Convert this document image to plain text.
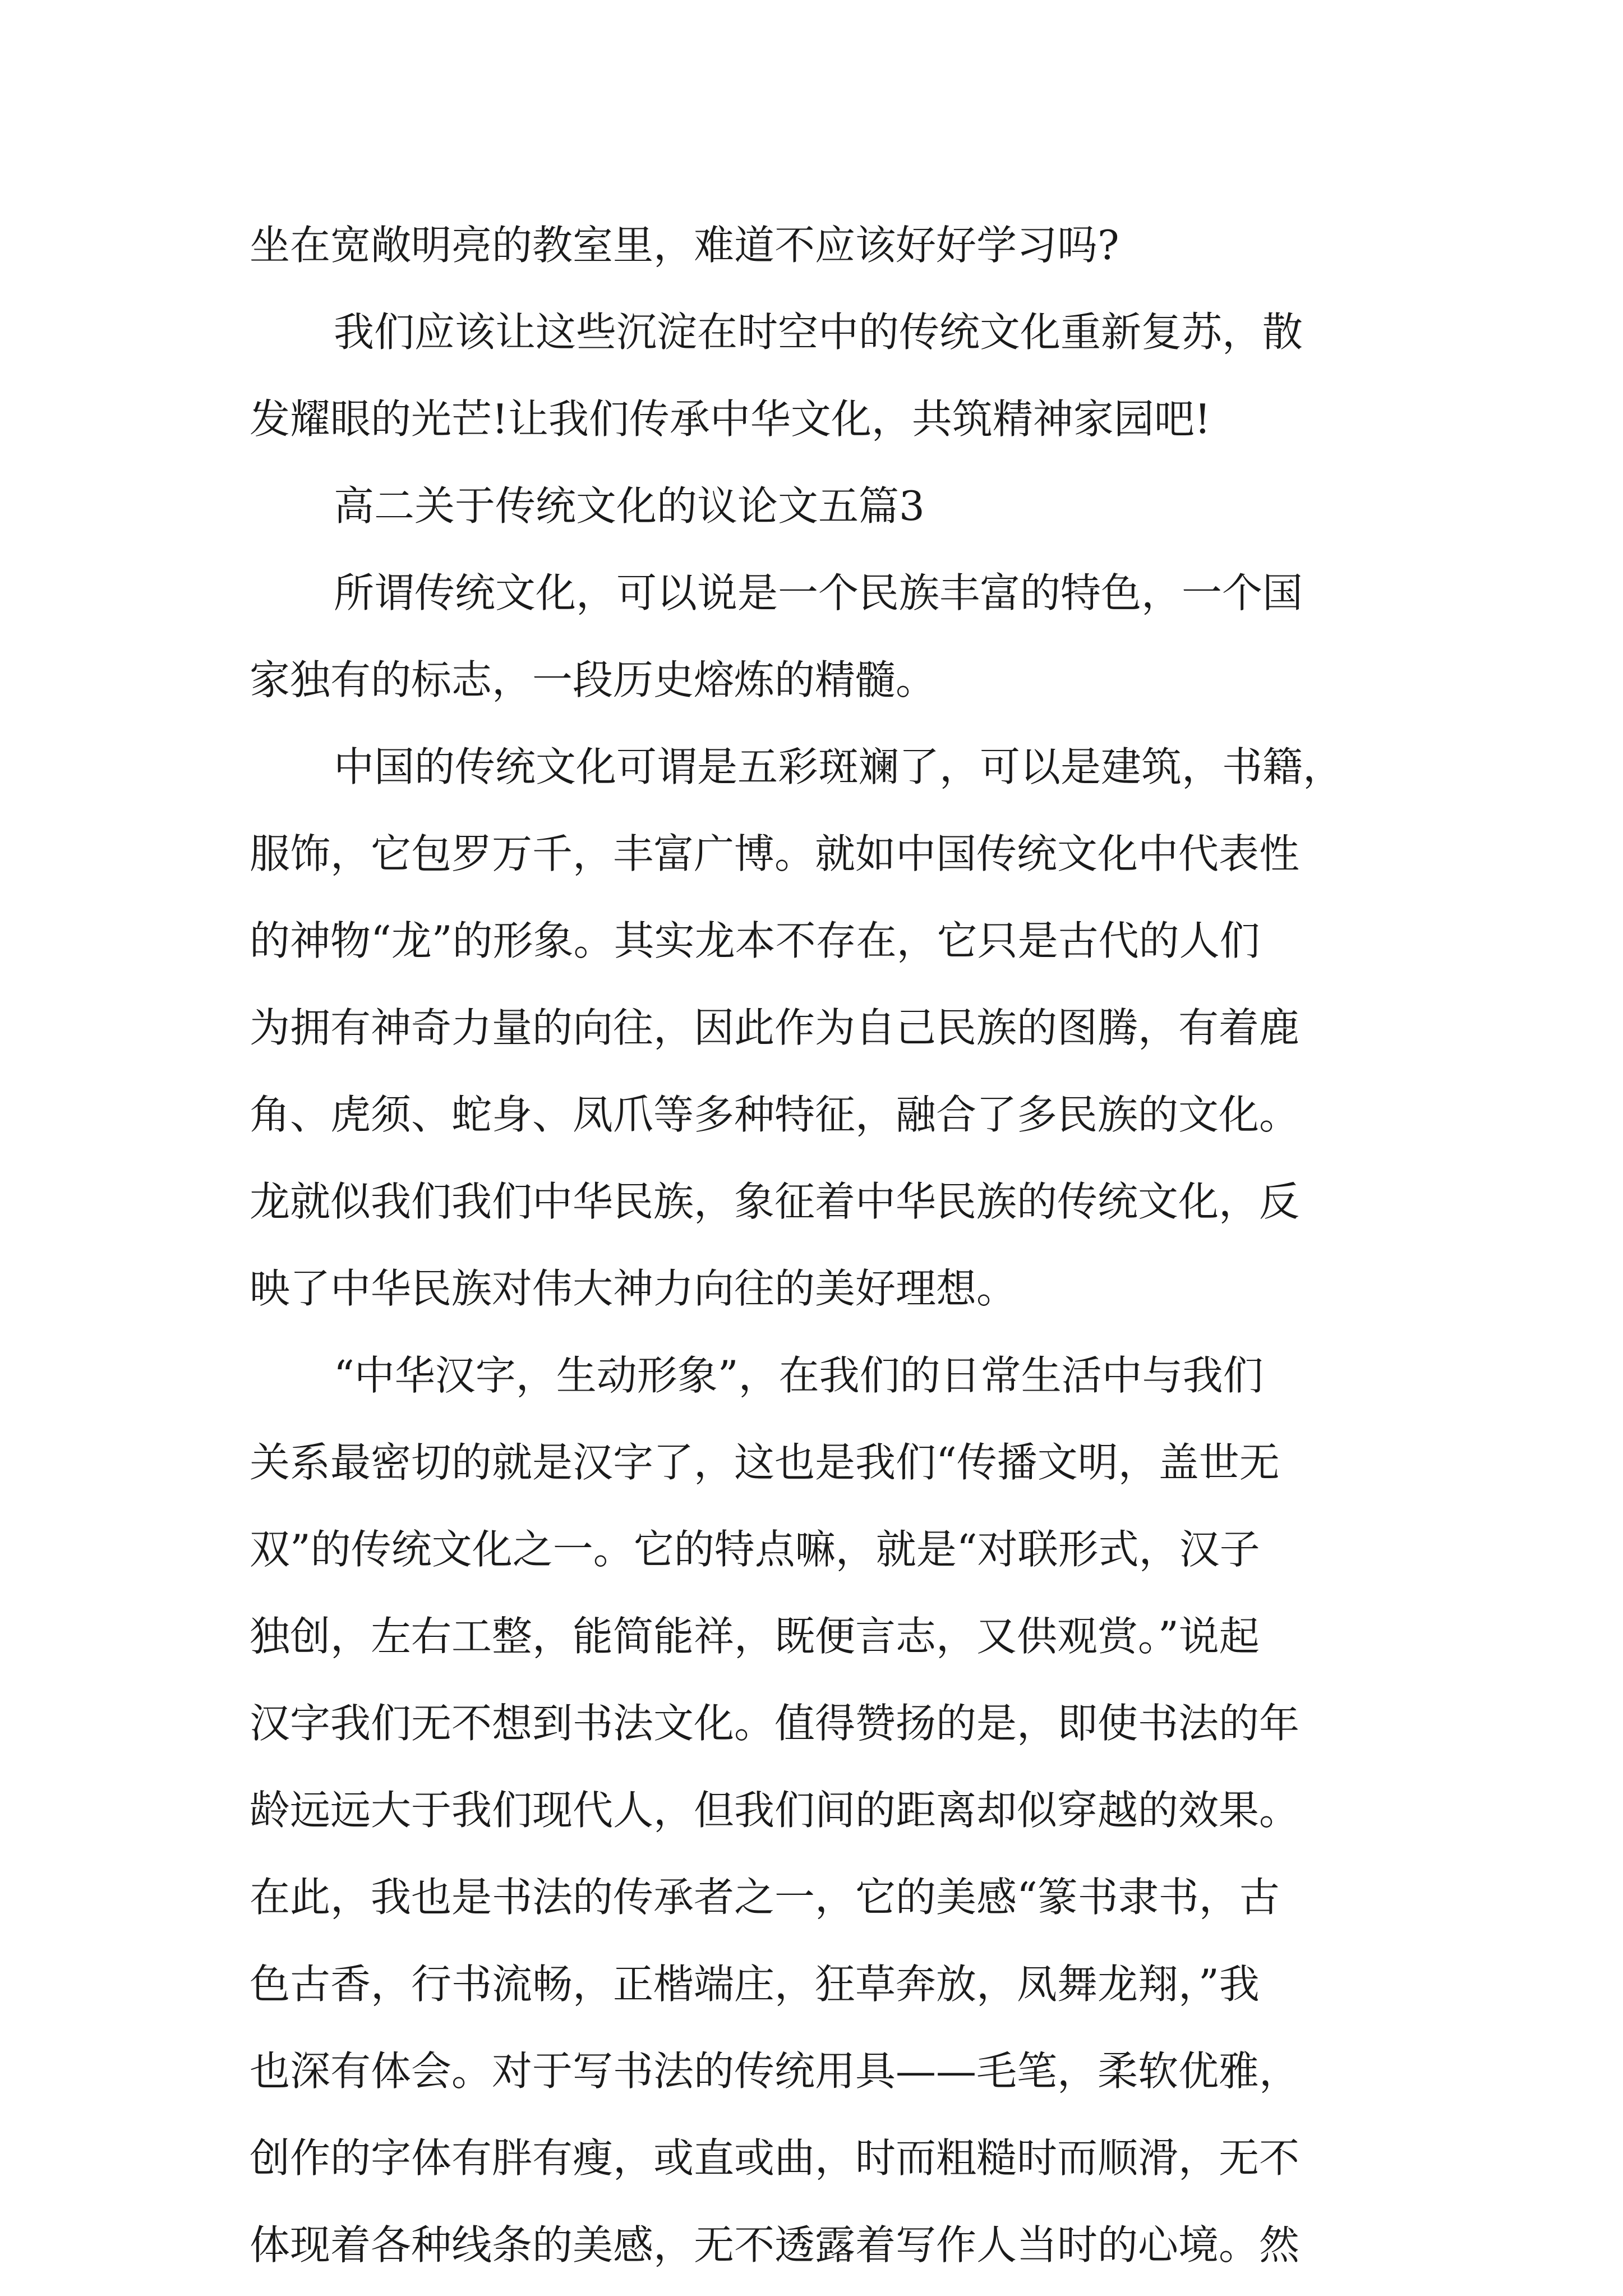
坐在宽敞明亮的教室里，难道不应该好好学习吗?
我们应该让这些沉淀在时空中的传统文化重新复苏，散
发耀眼的光芒!让我们传承中华文化，共筑精神家园吧!
高二关于传统文化的议论文五篇3
所谓传统文化，可以说是一个民族丰富的特色，一个国
家独有的标志，一段历史熔炼的精髓。
中国的传统文化可谓是五彩斑斓了，可以是建筑，书籍，
服饰，它包罗万千，丰富广博。就如中国传统文化中代表性
的神物“龙”的形象。其实龙本不存在，它只是古代的人们
为拥有神奇力量的向往，因此作为自己民族的图腾，有着鹿
角、虎须、蛇身、凤爪等多种特征，融合了多民族的文化。
龙就似我们我们中华民族，象征着中华民族的传统文化，反
映了中华民族对伟大神力向往的美好理想。
“中华汉字，生动形象”，在我们的日常生活中与我们
关系最密切的就是汉字了，这也是我们“传播文明，盖世无
双”的传统文化之一。它的特点嘛，就是“对联形式，汉子
独创，左右工整，能简能祥，既便言志，又供观赏。”说起
汉字我们无不想到书法文化。值得赞扬的是，即使书法的年
龄远远大于我们现代人，但我们间的距离却似穿越的效果。
在此，我也是书法的传承者之一，它的美感“篆书隶书，古
色古香，行书流畅，正楷端庄，狂草奔放，凤舞龙翔，”我
也深有体会。对于写书法的传统用具——毛笔，柔软优雅，
创作的字体有胖有瘦，或直或曲，时而粗糙时而顺滑，无不
体现着各种线条的美感，无不透露着写作人当时的心境。然
